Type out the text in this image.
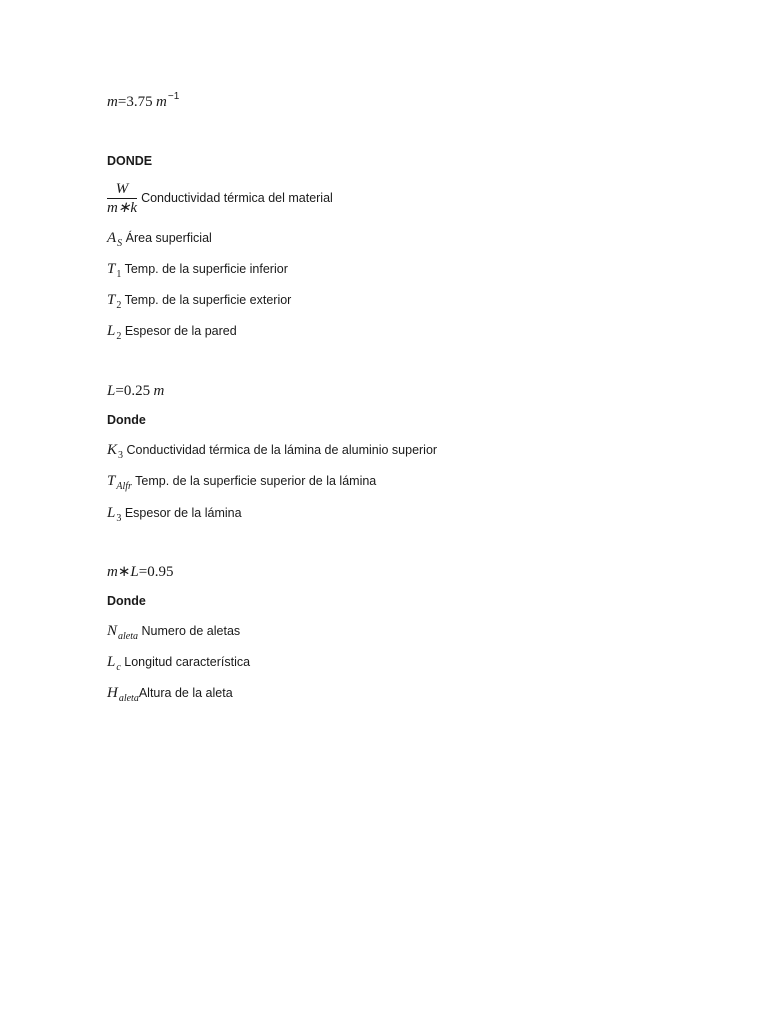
m=3.75 $m^{-1}$
DONDE
$\frac{W}{m∗k}$ Conductividad térmica del material
$A_S$ Área superficial
$T_1$ Temp. de la superficie inferior
$T_2$ Temp. de la superficie exterior
$L_2$ Espesor de la pared
L=0.25 m
Donde
$K_3$ Conductividad térmica de la lámina de aluminio superior
$T_{Alfr}$ Temp. de la superficie superior de la lámina
$L_3$ Espesor de la lámina
m∗L=0.95
Donde
$N_{aleta}$ Numero de aletas
$L_c$ Longitud característica
$H_{aleta}Altura$ de la aleta
